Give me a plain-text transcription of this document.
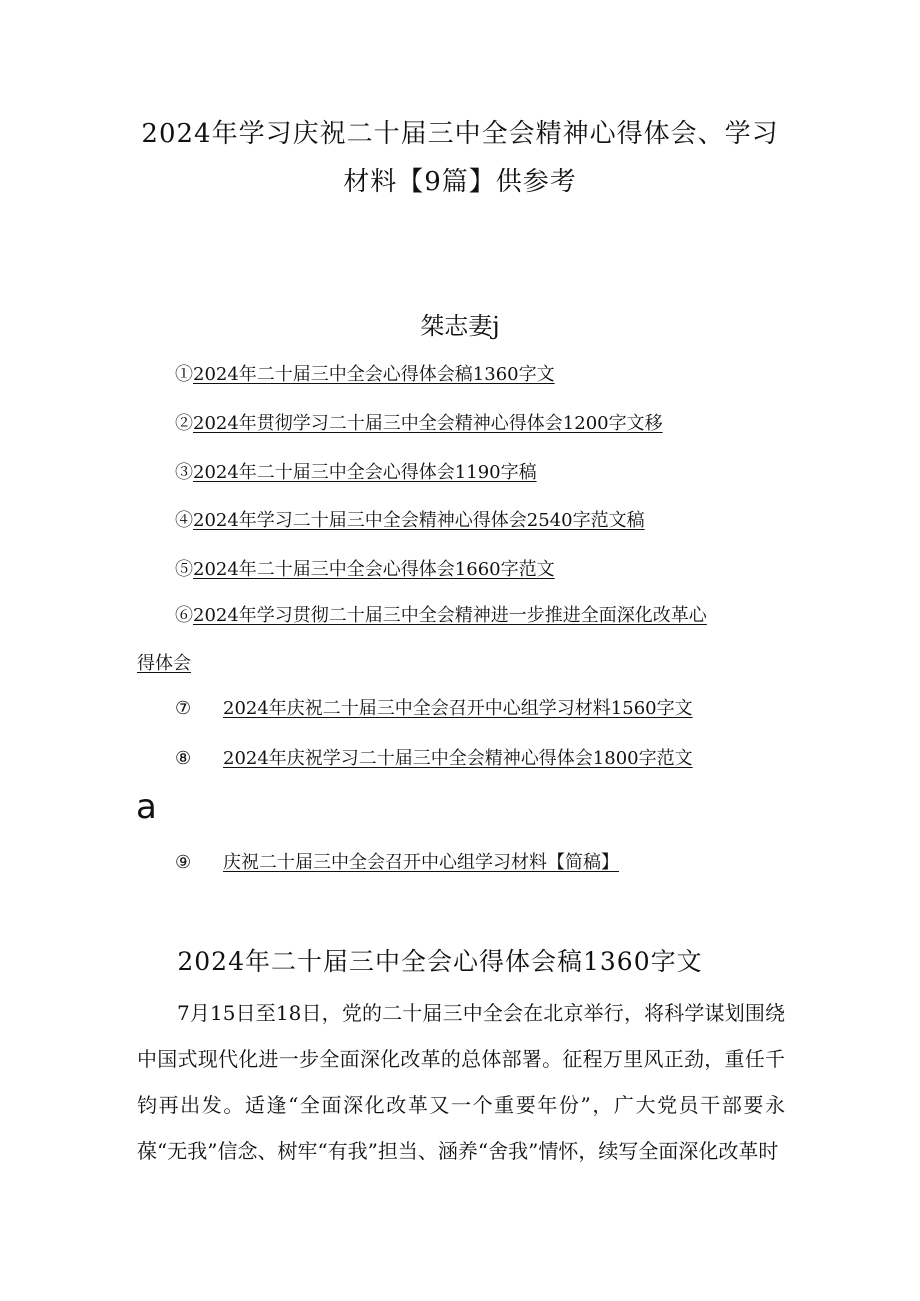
2024年学习庆祝二十届三中全会精神心得体会、学习
材料【9篇】供参考
桀志妻j
①2024年二十届三中全会心得体会稿1360字文
②2024年贯彻学习二十届三中全会精神心得体会1200字文移
③2024年二十届三中全会心得体会1190字稿
④2024年学习二十届三中全会精神心得体会2540字范文稿
⑤2024年二十届三中全会心得体会1660字范文
⑥2024年学习贯彻二十届三中全会精神进一步推进全面深化改革心
得体会
⑦ 2024年庆祝二十届三中全会召开中心组学习材料1560字文
⑧ 2024年庆祝学习二十届三中全会精神心得体会1800字范文
a
⑨ 庆祝二十届三中全会召开中心组学习材料【简稿】
2024年二十届三中全会心得体会稿1360字文

7月15日至18日，党的二十届三中全会在北京举行，将科学谋划围绕中国式现代化进一步全面深化改革的总体部署。征程万里风正劲，重任千钧再出发。适逢“全面深化改革又一个重要年份”，广大党员干部要永葆“无我”信念、树牢“有我”担当、涵养“舍我”情怀，续写全面深化改革时
